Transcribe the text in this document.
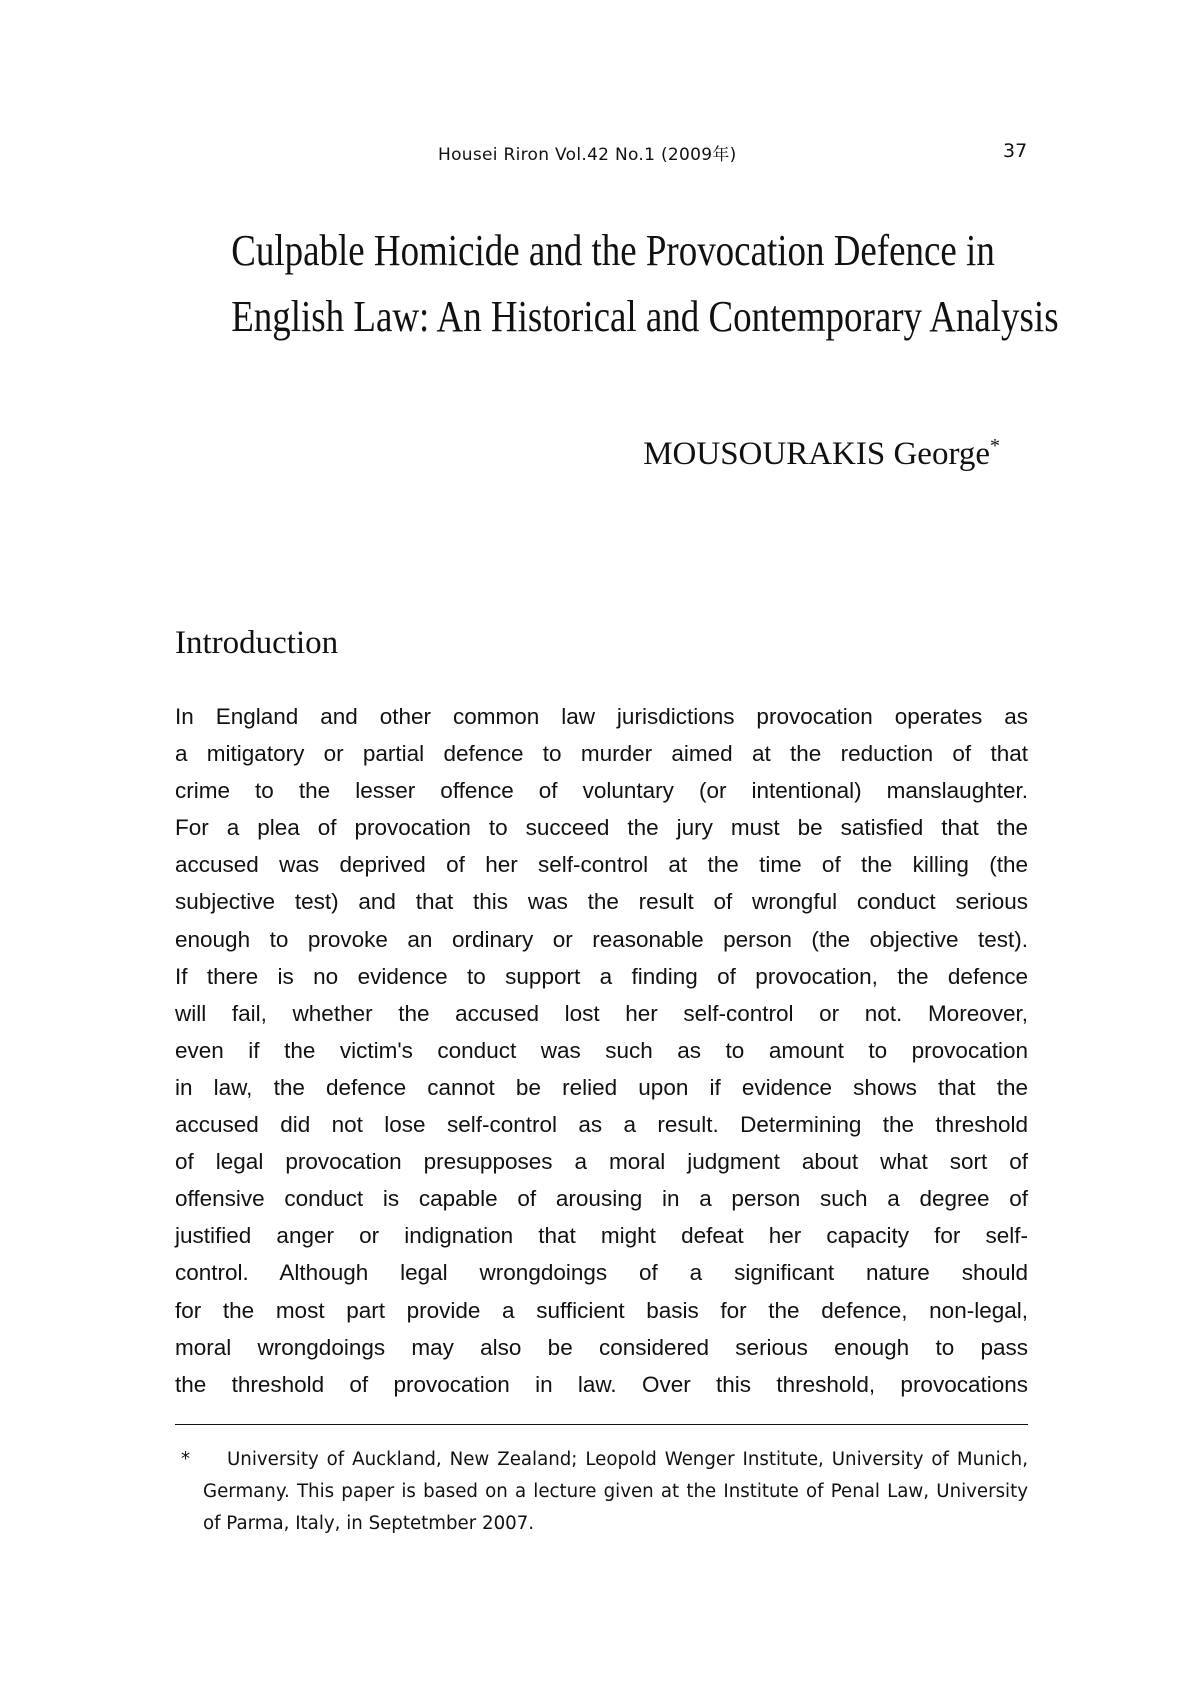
Housei Riron Vol.42 No.1 (2009年)	37
Culpable Homicide and the Provocation Defence in
English Law: An Historical and Contemporary Analysis
MOUSOURAKIS George*
Introduction
In England and other common law jurisdictions provocation operates as
a mitigatory or partial defence to murder aimed at the reduction of that
crime to the lesser offence of voluntary (or intentional) manslaughter.
For a plea of provocation to succeed the jury must be satisfied that the
accused was deprived of her self-control at the time of the killing (the
subjective test) and that this was the result of wrongful conduct serious
enough to provoke an ordinary or reasonable person (the objective test).
If there is no evidence to support a finding of provocation, the defence
will fail, whether the accused lost her self-control or not. Moreover,
even if the victim's conduct was such as to amount to provocation
in law, the defence cannot be relied upon if evidence shows that the
accused did not lose self-control as a result. Determining the threshold
of legal provocation presupposes a moral judgment about what sort of
offensive conduct is capable of arousing in a person such a degree of
justified anger or indignation that might defeat her capacity for self-
control. Although legal wrongdoings of a significant nature should
for the most part provide a sufficient basis for the defence, non-legal,
moral wrongdoings may also be considered serious enough to pass
the threshold of provocation in law. Over this threshold, provocations
*	University of Auckland, New Zealand; Leopold Wenger Institute, University of Munich, Germany. This paper is based on a lecture given at the Institute of Penal Law, University of Parma, Italy, in Septetmber 2007.
